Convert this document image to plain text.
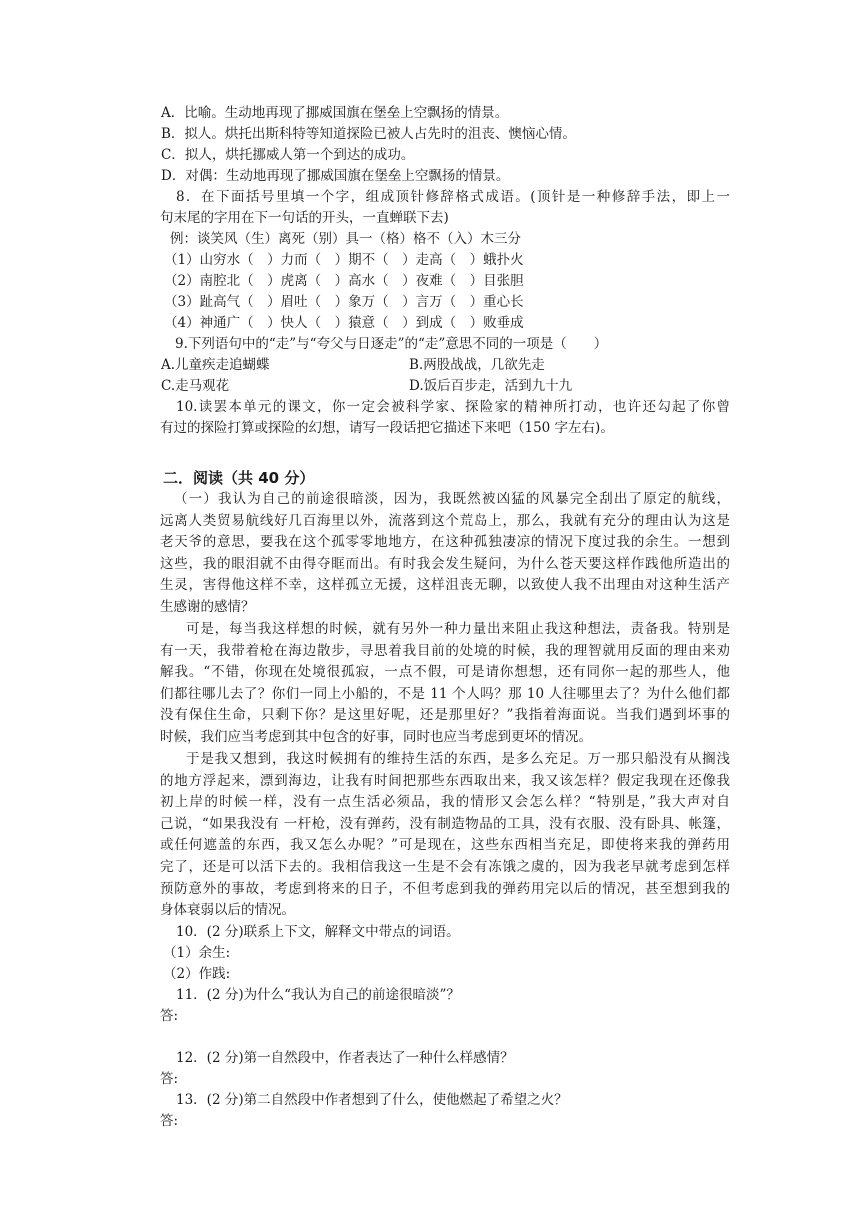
A．比喻。生动地再现了挪威国旗在堡垒上空飘扬的情景。
B．拟人。烘托出斯科特等知道探险已被人占先时的沮丧、懊恼心情。
C．拟人，烘托挪威人第一个到达的成功。
D．对偶：生动地再现了挪威国旗在堡垒上空飘扬的情景。
8．在下面括号里填一个字，组成顶针修辞格式成语。(顶针是一种修辞手法，即上一
句末尾的字用在下一句话的开头，一直蝉联下去)
例：谈笑风（生）离死（别）具一（格）格不（入）木三分
（1）山穷水（　）力而（　）期不（　）走高（　）蛾扑火
（2）南腔北（　）虎离（　）高水（　）夜难（　）目张胆
（3）趾高气（　）眉吐（　）象万（　）言万（　）重心长
（4）神通广（　）快人（　）猿意（　）到成（　）败垂成
9.下列语句中的“走”与“夸父与日逐走”的“走”意思不同的一项是（　　）
A.儿童疾走追蝴蝶	B.两股战战，几欲先走
C.走马观花	D.饭后百步走，活到九十九
10.读罢本单元的课文，你一定会被科学家、探险家的精神所打动，也许还勾起了你曾
有过的探险打算或探险的幻想，请写一段话把它描述下来吧（150 字左右)。
二．阅读（共 40 分）
（一）我认为自己的前途很暗淡，因为，我既然被凶猛的风暴完全刮出了原定的航线，
远离人类贸易航线好几百海里以外，流落到这个荒岛上，那么，我就有充分的理由认为这是
老天爷的意思，要我在这个孤零零地地方，在这种孤独凄凉的情况下度过我的余生。一想到
这些，我的眼泪就不由得夺眶而出。有时我会发生疑问，为什么苍天要这样作践他所造出的
生灵，害得他这样不幸，这样孤立无援，这样沮丧无聊，以致使人我不出理由对这种生活产
生感谢的感情？
可是，每当我这样想的时候，就有另外一种力量出来阻止我这种想法，责备我。特别是
有一天，我带着枪在海边散步，寻思着我目前的处境的时候，我的理智就用反面的理由来劝
解我。“不错，你现在处境很孤寂，一点不假，可是请你想想，还有同你一起的那些人，他
们都往哪儿去了？你们一同上小船的，不是 11 个人吗？那 10 人往哪里去了？为什么他们都
没有保住生命，只剩下你？是这里好呢，还是那里好？”我指着海面说。当我们遇到坏事的
时候，我们应当考虑到其中包含的好事，同时也应当考虑到更坏的情况。
于是我又想到，我这时候拥有的维持生活的东西，是多么充足。万一那只船没有从搁浅
的地方浮起来，漂到海边，让我有时间把那些东西取出来，我又该怎样？假定我现在还像我
初上岸的时候一样，没有一点生活必须品，我的情形又会怎么样？“特别是，”我大声对自
己说，“如果我没有 一杆枪，没有弹药，没有制造物品的工具，没有衣服、没有卧具、帐篷，
或任何遮盖的东西，我又怎么办呢？”可是现在，这些东西相当充足，即使将来我的弹药用
完了，还是可以活下去的。我相信我这一生是不会有冻饿之虞的，因为我老早就考虑到怎样
预防意外的事故，考虑到将来的日子，不但考虑到我的弹药用完以后的情况，甚至想到我的
身体衰弱以后的情况。
10．(2 分)联系上下文，解释文中带点的词语。
（1）余生:
（2）作践:
11．(2 分)为什么“我认为自己的前途很暗淡”？
答:
12．(2 分)第一自然段中，作者表达了一种什么样感情？
答:
13．(2 分)第二自然段中作者想到了什么，使他燃起了希望之火？
答:
